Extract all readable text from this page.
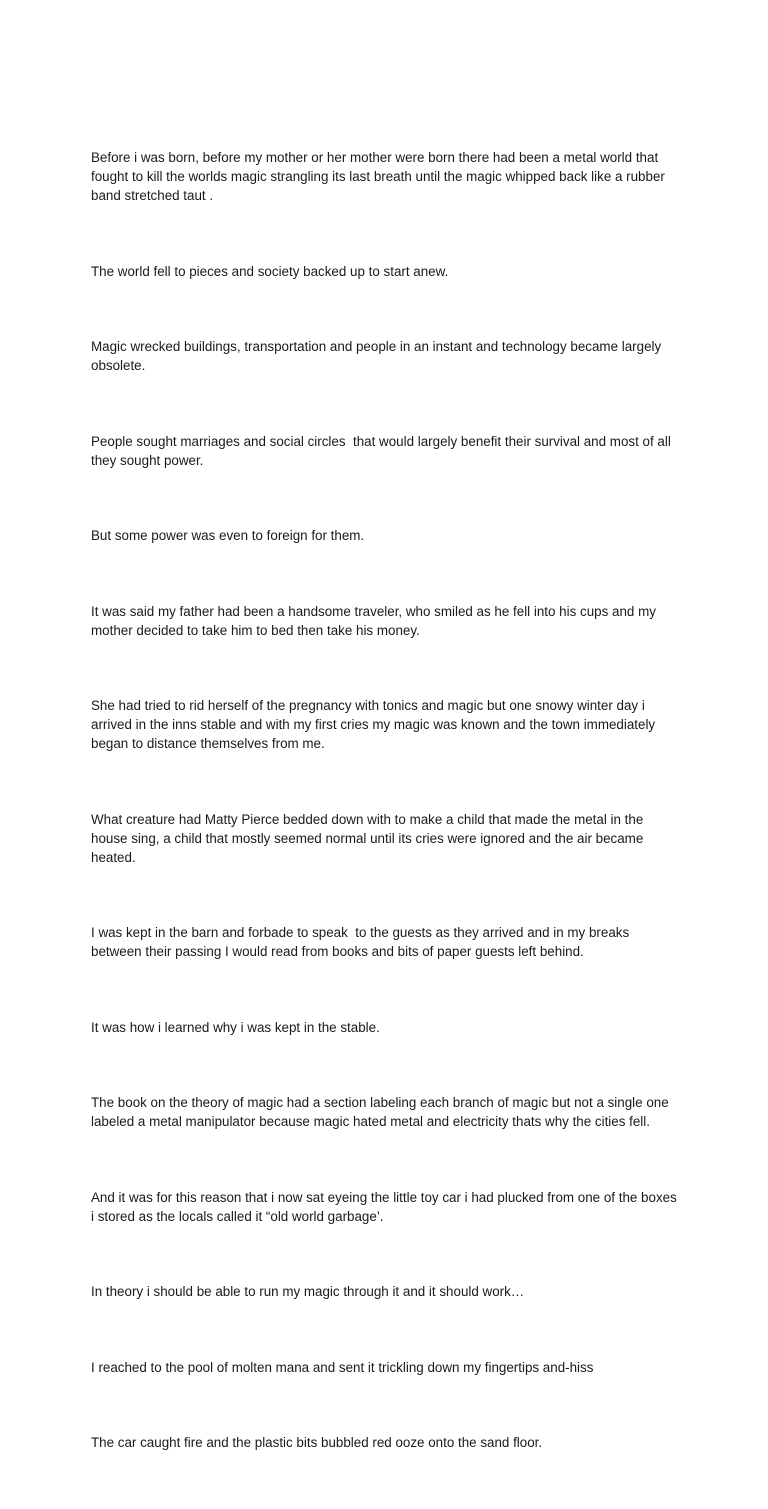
Before i was born, before my mother or her mother were born there had been a metal world that fought to kill the worlds magic strangling its last breath until the magic whipped back like a rubber band stretched taut .

The world fell to pieces and society backed up to start anew.

Magic wrecked buildings, transportation and people in an instant and technology became largely obsolete.

People sought marriages and social circles  that would largely benefit their survival and most of all they sought power.

But some power was even to foreign for them.

It was said my father had been a handsome traveler, who smiled as he fell into his cups and my mother decided to take him to bed then take his money.

She had tried to rid herself of the pregnancy with tonics and magic but one snowy winter day i arrived in the inns stable and with my first cries my magic was known and the town immediately began to distance themselves from me.

What creature had Matty Pierce bedded down with to make a child that made the metal in the house sing, a child that mostly seemed normal until its cries were ignored and the air became heated.

I was kept in the barn and forbade to speak  to the guests as they arrived and in my breaks between their passing I would read from books and bits of paper guests left behind.

It was how i learned why i was kept in the stable.

The book on the theory of magic had a section labeling each branch of magic but not a single one labeled a metal manipulator because magic hated metal and electricity thats why the cities fell.

And it was for this reason that i now sat eyeing the little toy car i had plucked from one of the boxes i stored as the locals called it “old world garbage’.

In theory i should be able to run my magic through it and it should work…

I reached to the pool of molten mana and sent it trickling down my fingertips and-hiss

The car caught fire and the plastic bits bubbled red ooze onto the sand floor.
